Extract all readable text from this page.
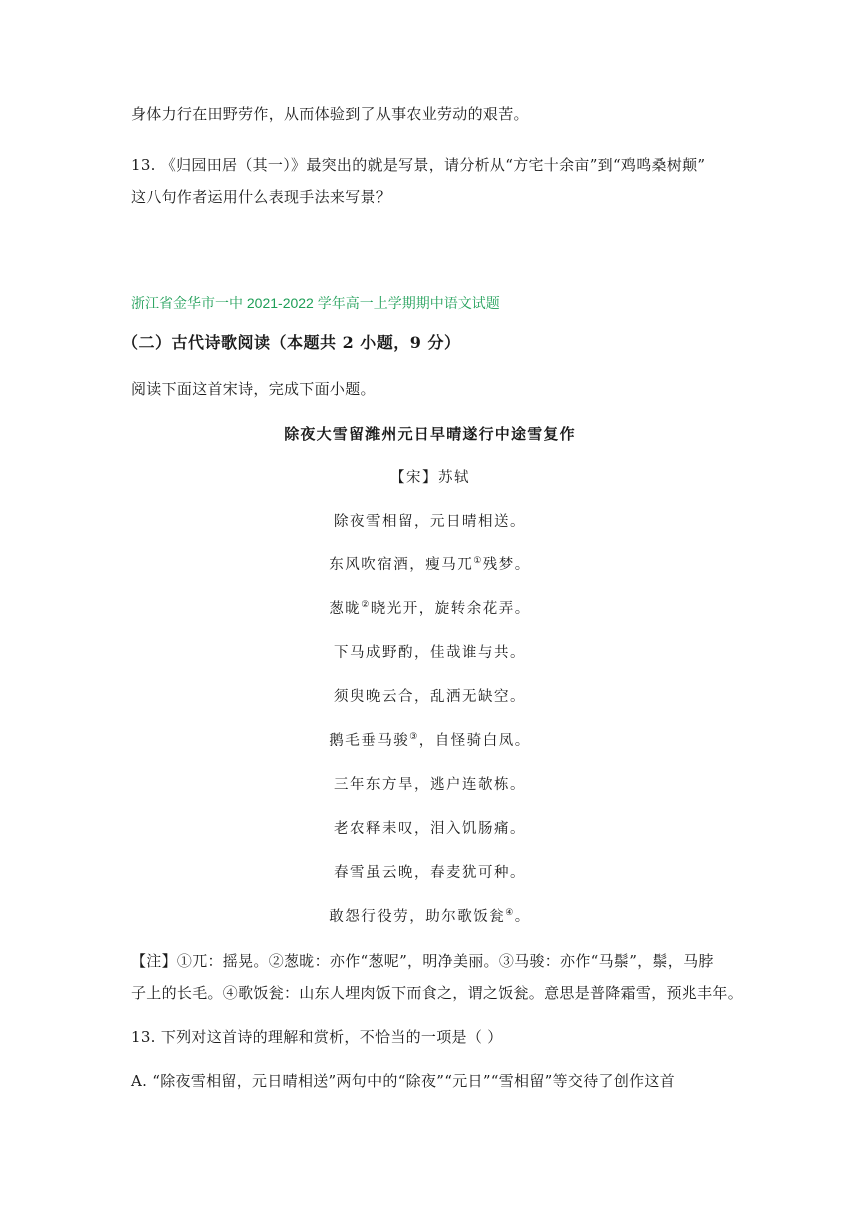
身体力行在田野劳作，从而体验到了从事农业劳动的艰苦。
13. 《归园田居（其一）》最突出的就是写景，请分析从“方宅十余亩”到“鸡鸣桑树颠”
这八句作者运用什么表现手法来写景？
浙江省金华市一中 2021-2022 学年高一上学期期中语文试题
（二）古代诗歌阅读（本题共 2 小题，9 分）
阅读下面这首宋诗，完成下面小题。
除夜大雪留潍州元日早晴遂行中途雪复作
【宋】苏轼
除夜雪相留，元日晴相送。
东风吹宿酒，瘦马兀①残梦。
葱昽②晓光开，旋转余花弄。
下马成野酌，佳哉谁与共。
须臾晚云合，乱洒无缺空。
鹅毛垂马骏③，自怪骑白凤。
三年东方旱，逃户连欹栋。
老农释耒叹，泪入饥肠痛。
春雪虽云晚，春麦犹可种。
敢怨行役劳，助尔歌饭瓮④。
【注】①兀：摇晃。②葱昽：亦作“葱呢”，明净美丽。③马骏：亦作“马鬃”，鬃，马脖
子上的长毛。④歌饭瓮：山东人埋肉饭下而食之，谓之饭瓮。意思是普降霜雪，预兆丰年。
13. 下列对这首诗的理解和赏析，不恰当的一项是（ ）
A. “除夜雪相留，元日晴相送”两句中的“除夜”“元日”“雪相留”等交待了创作这首
